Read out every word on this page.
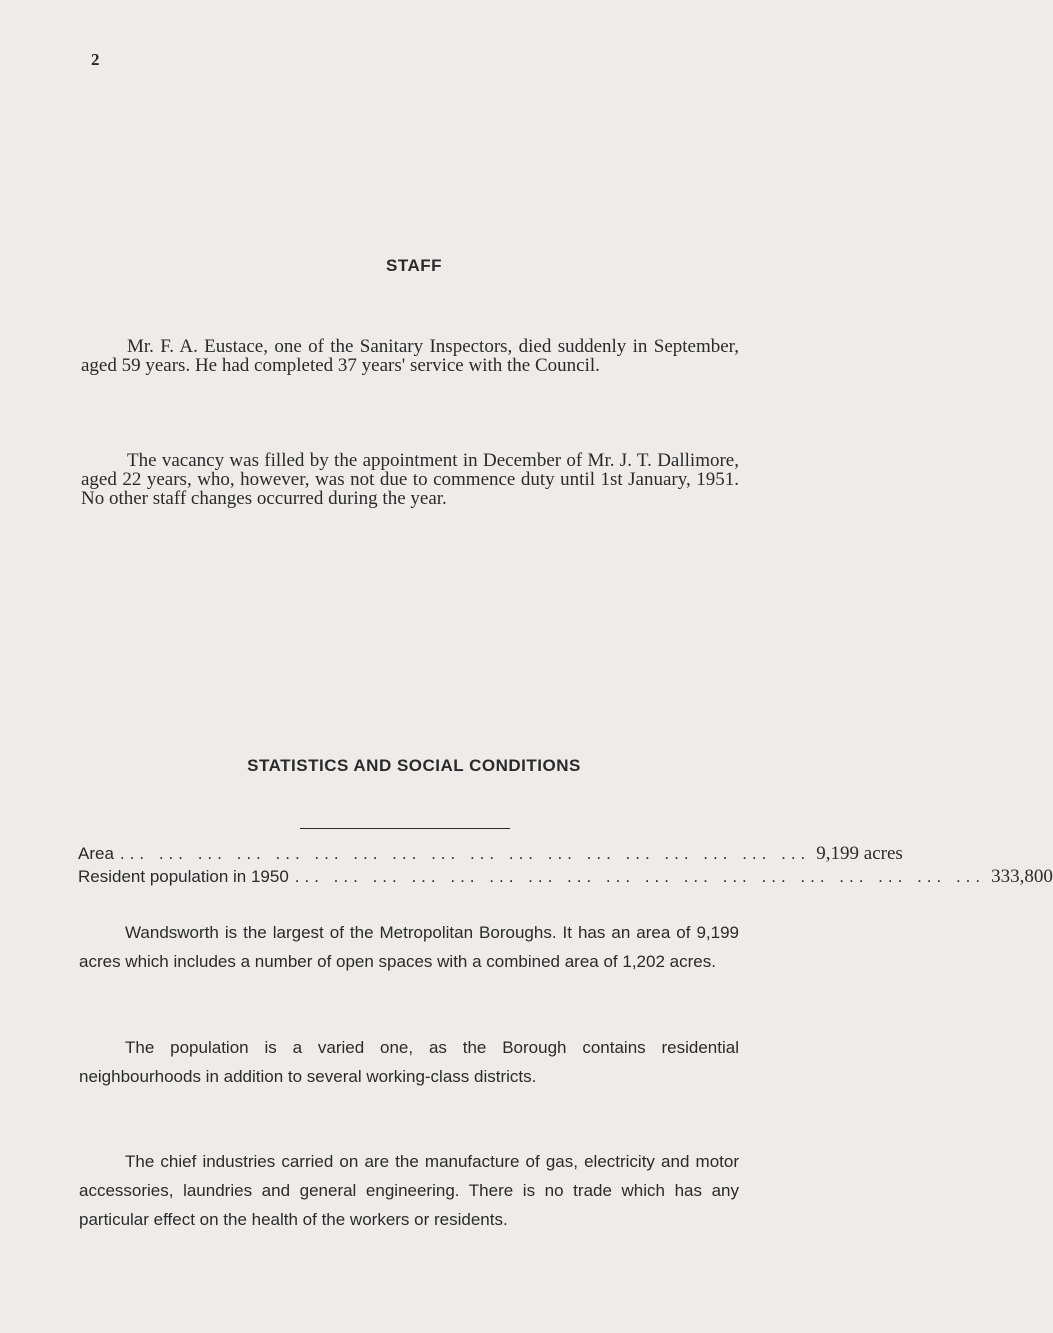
2
STAFF

Mr. F. A. Eustace, one of the Sanitary Inspectors, died suddenly in September, aged 59 years. He had completed 37 years' service with the Council.

The vacancy was filled by the appointment in December of Mr. J. T. Dallimore, aged 22 years, who, however, was not due to commence duty until 1st January, 1951. No other staff changes occurred during the year.

STATISTICS AND SOCIAL CONDITIONS
Area ... ... ... ... ... ... ... ... ... ... ... ... ... ... ... ... ... ... 9,199 acres
Resident population in 1950 ... ... ... ... ... ... ... ... ... ... ... ... ... ... ... ... ... ... 333,800

Wandsworth is the largest of the Metropolitan Boroughs. It has an area of 9,199 acres which includes a number of open spaces with a combined area of 1,202 acres.

The population is a varied one, as the Borough contains residential neighbourhoods in addition to several working-class districts.

The chief industries carried on are the manufacture of gas, electricity and motor accessories, laundries and general engineering. There is no trade which has any particular effect on the health of the workers or residents.
